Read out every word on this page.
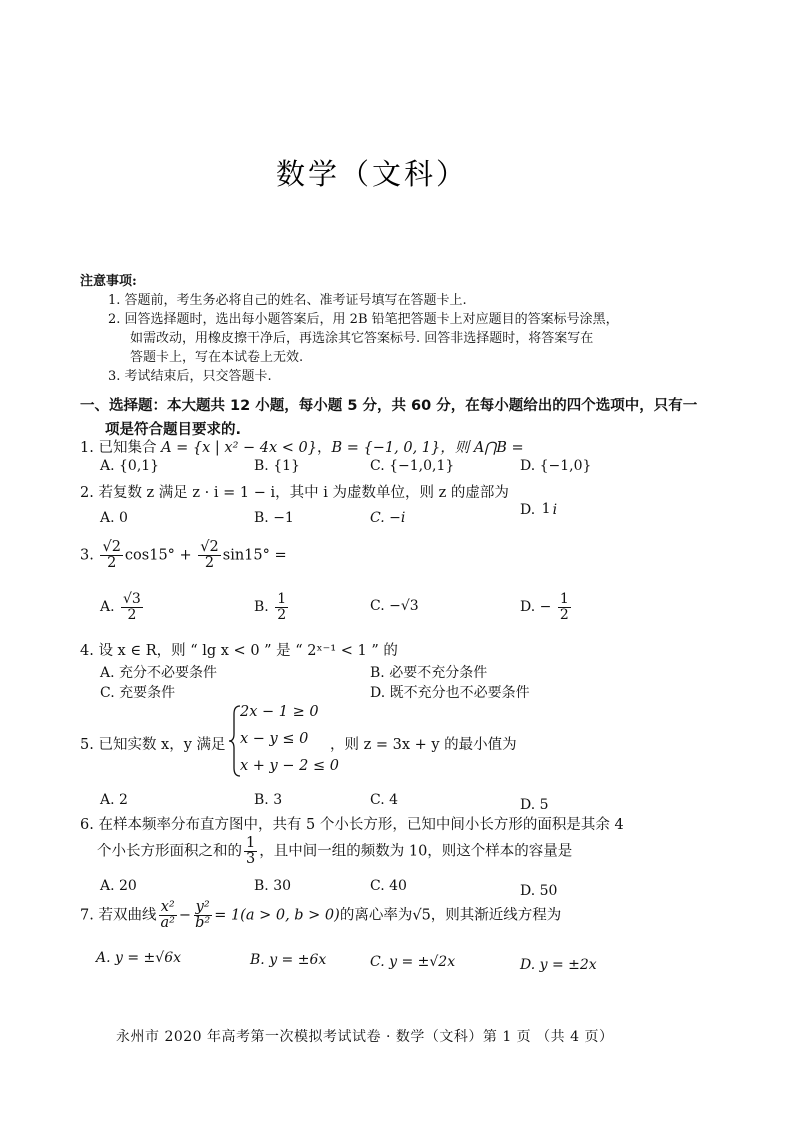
数学（文科）
注意事项:
1. 答题前，考生务必将自己的姓名、准考证号填写在答题卡上.
2. 回答选择题时，选出每小题答案后，用 2B 铅笔把答题卡上对应题目的答案标号涂黑，
如需改动，用橡皮擦干净后，再选涂其它答案标号. 回答非选择题时，将答案写在
答题卡上，写在本试卷上无效.
3. 考试结束后，只交答题卡.
一、选择题：本大题共 12 小题，每小题 5 分，共 60 分，在每小题给出的四个选项中，只有一
项是符合题目要求的.
1. 已知集合 A = {x | x² − 4x < 0}，B = {−1, 0, 1}，则 A⋂B =
A. {0,1}	B. {1}	C. {−1,0,1}	D. {−1,0}
2. 若复数 z 满足 z · i = 1 − i，其中 i 为虚数单位，则 z 的虚部为
A. 0	B. −1	C. −i	D. 1 i
3. $\frac{√2}{2} \cos 15^\circ + \frac{√2}{2} \sin 15^\circ$ =
A. $\frac{√3}{2}$	B. $\frac{1}{2}$	C. −√3	D. − $\frac{1}{2}$
4. 设 x ∈ R，则 “ lg x < 0 ” 是 “ 2ˣ⁻¹ < 1 ” 的
A. 充分不必要条件	B. 必要不充分条件
C. 充要条件	D. 既不充分也不必要条件
5. 已知实数 x，y 满足
2x − 1 ≥ 0
x − y ≤ 0
x + y − 2 ≤ 0
，则 z = 3x + y 的最小值为
A. 2	B. 3	C. 4	D. 5
6. 在样本频率分布直方图中，共有 5 个小长方形，已知中间小长方形的面积是其余 4
个小长方形面积之和的 $\frac{1}{3}$ ，且中间一组的频数为 10，则这个样本的容量是
A. 20	B. 30	C. 40	D. 50
7. 若双曲线 $\frac{\text{x²}}{\text{a²}} - \frac{\text{y²}}{\text{b²}} = 1(a > 0$, b > 0)的离心率为√5，则其渐近线方程为
A. y = ±√6x	B. y = ±6x	C. y = ±√2x	D. y = ±2x
永州市 2020 年高考第一次模拟考试试卷 · 数学（文科）第 1 页 （共 4 页）
